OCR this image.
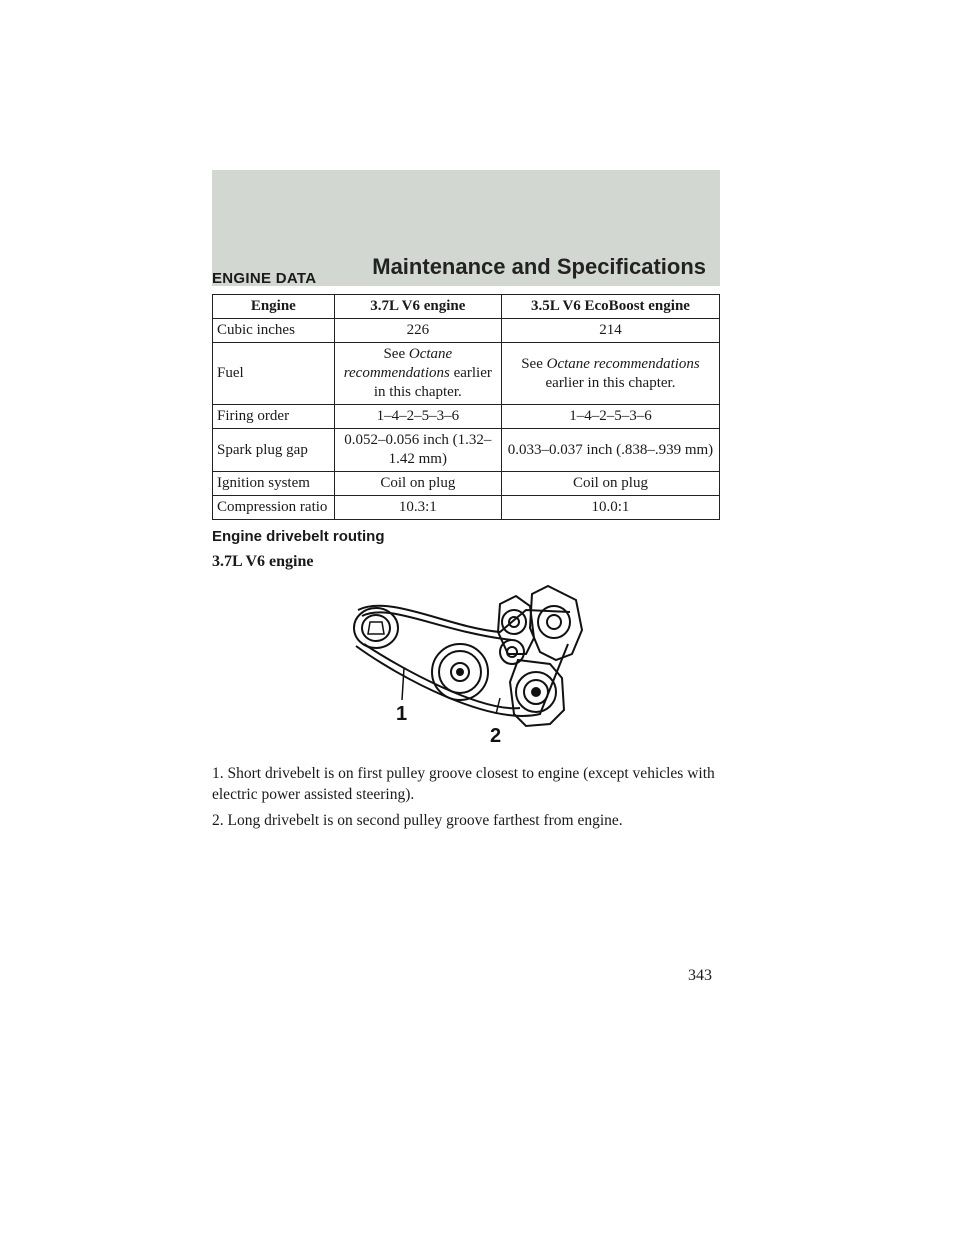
Maintenance and Specifications
ENGINE DATA
Engine	3.7L V6 engine	3.5L V6 EcoBoost engine
Cubic inches	226	214
Fuel	See Octane recommendations earlier in this chapter.	See Octane recommendations earlier in this chapter.
Firing order	1–4–2–5–3–6	1–4–2–5–3–6
Spark plug gap	0.052–0.056 inch (1.32–1.42 mm)	0.033–0.037 inch (.838–.939 mm)
Ignition system	Coil on plug	Coil on plug
Compression ratio	10.3:1	10.0:1
Engine drivebelt routing
3.7L V6 engine
1
2
1. Short drivebelt is on first pulley groove closest to engine (except vehicles with electric power assisted steering).
2. Long drivebelt is on second pulley groove farthest from engine.
343
